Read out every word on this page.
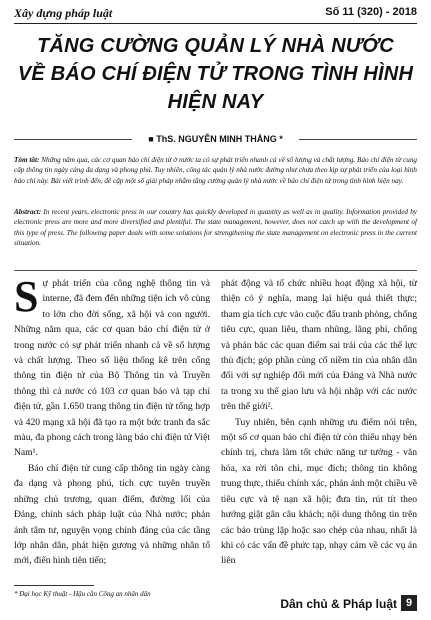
Xây dựng pháp luật	Số 11 (320) - 2018
TĂNG CƯỜNG QUẢN LÝ NHÀ NƯỚC
VỀ BÁO CHÍ ĐIỆN TỬ TRONG TÌNH HÌNH HIỆN NAY
■ ThS. NGUYỄN MINH THẮNG *
Tóm tắt: Những năm qua, các cơ quan báo chí điện tử ở nước ta có sự phát triển nhanh cả về số lượng và chất lượng. Báo chí điện tử cung cấp thông tin ngày càng đa dạng và phong phú. Tuy nhiên, công tác quản lý nhà nước đường như chưa theo kịp sự phát triển của loại hình báo chí này. Bài viết trình đến, đề cập một số giải pháp nhằm tăng cường quản lý nhà nước về báo chí điện tử trong tình hình hiện nay.
Abstract: In recent years, electronic press in our country has quickly developed in quantity as well as in quality. Information provided by electronic press are more and more diversified and plentiful. The state management, however, does not catch up with the development of this type of press. The following paper deals with some solutions for strengthening the state management on electronic press in the current situation.

Sự phát triển của công nghệ thông tin và interne, đã đem đến những tiện ích vô cùng to lớn cho đời sống, xã hội và con người. Những năm qua, các cơ quan báo chí điện tử ở trong nước có sự phát triển nhanh cả về số lượng và chất lượng. Theo số liệu thống kê trên cổng thông tin điện tử của Bộ Thông tin và Truyền thông thì cả nước có 103 cơ quan báo và tạp chí điện tử, gần 1.650 trang thông tin điện tử tổng hợp và 420 mạng xã hội đã tạo ra một bức tranh đa sắc màu, đa phong cách trong làng báo chí điện tử Việt Nam¹.

Báo chí điện tử cung cấp thông tin ngày càng đa dạng và phong phú, tích cực tuyên truyền những chủ trương, quan điểm, đường lối của Đảng, chính sách pháp luật của Nhà nước; phản ánh tâm tư, nguyện vọng chính đáng của các tầng lớp nhân dân, phát hiện gương và những nhân tố mới, điển hình tiên tiến;

phát động và tổ chức nhiều hoạt động xã hội, từ thiện có ý nghĩa, mang lại hiệu quả thiết thực; tham gia tích cực vào cuộc đấu tranh phòng, chống tiêu cực, quan liêu, tham nhũng, lãng phí, chống và phản bác các quan điểm sai trái của các thế lực thù địch; góp phần củng cố niềm tin của nhân dân đối với sự nghiệp đổi mới của Đảng và Nhà nước ta trong xu thế giao lưu và hội nhập với các nước trên thế giới².

Tuy nhiên, bên cạnh những ưu điểm nói trên, một số cơ quan báo chí điện tử còn thiếu nhạy bén chính trị, chưa làm tốt chức năng tư tưởng - văn hóa, xa rời tôn chỉ, mục đích; thông tin không trung thực, thiếu chính xác, phản ánh một chiều về tiêu cực và tệ nạn xã hội; đưa tin, rút tít theo hướng giật gân câu khách; nội dung thông tin trên các báo trùng lặp hoặc sao chép của nhau, nhất là khi có các vấn đề phức tạp, nhạy cảm về các vụ án liên

* Đại học Kỹ thuật - Hậu cần Công an nhân dân
Dân chủ & Pháp luật 9
